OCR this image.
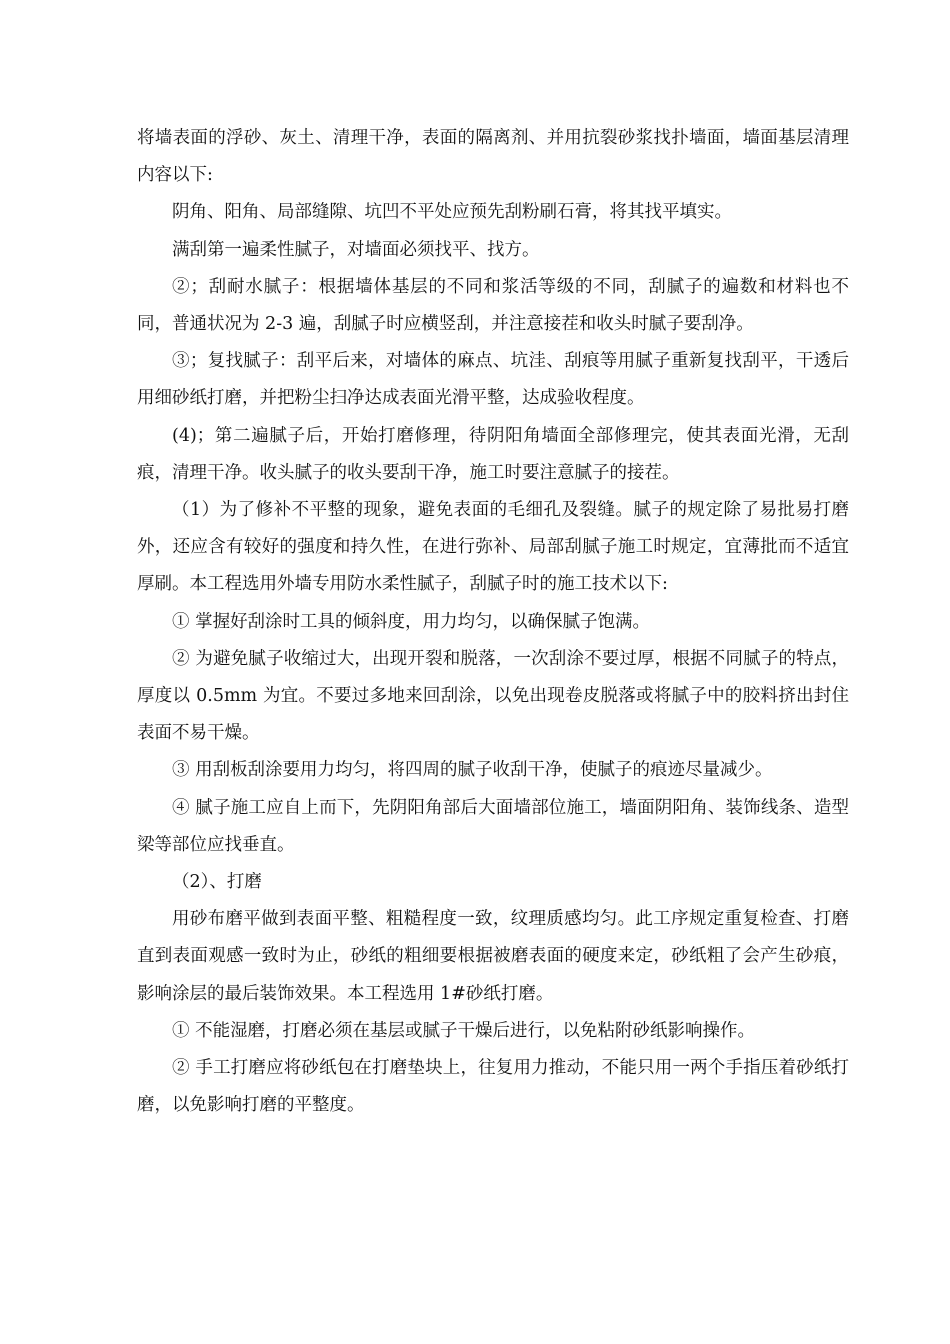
将墙表面的浮砂、灰土、清理干净，表面的隔离剂、并用抗裂砂浆找扑墙面，墙面基层清理内容以下:

阴角、阳角、局部缝隙、坑凹不平处应预先刮粉刷石膏，将其找平填实。

满刮第一遍柔性腻子，对墙面必须找平、找方。

②；刮耐水腻子：根据墙体基层的不同和浆活等级的不同，刮腻子的遍数和材料也不同，普通状况为 2-3 遍，刮腻子时应横竖刮，并注意接茬和收头时腻子要刮净。

③；复找腻子：刮平后来，对墙体的麻点、坑洼、刮痕等用腻子重新复找刮平，干透后用细砂纸打磨，并把粉尘扫净达成表面光滑平整，达成验收程度。

(4)；第二遍腻子后，开始打磨修理，待阴阳角墙面全部修理完，使其表面光滑，无刮痕，清理干净。收头腻子的收头要刮干净，施工时要注意腻子的接茬。

（1）为了修补不平整的现象，避免表面的毛细孔及裂缝。腻子的规定除了易批易打磨外，还应含有较好的强度和持久性，在进行弥补、局部刮腻子施工时规定，宜薄批而不适宜厚刷。本工程选用外墙专用防水柔性腻子，刮腻子时的施工技术以下:

① 掌握好刮涂时工具的倾斜度，用力均匀，以确保腻子饱满。

② 为避免腻子收缩过大，出现开裂和脱落，一次刮涂不要过厚，根据不同腻子的特点，厚度以 0.5mm 为宜。不要过多地来回刮涂，以免出现卷皮脱落或将腻子中的胶料挤出封住表面不易干燥。

③ 用刮板刮涂要用力均匀，将四周的腻子收刮干净，使腻子的痕迹尽量减少。

④ 腻子施工应自上而下，先阴阳角部后大面墙部位施工，墙面阴阳角、装饰线条、造型梁等部位应找垂直。

（2）、打磨

用砂布磨平做到表面平整、粗糙程度一致，纹理质感均匀。此工序规定重复检查、打磨直到表面观感一致时为止，砂纸的粗细要根据被磨表面的硬度来定，砂纸粗了会产生砂痕，影响涂层的最后装饰效果。本工程选用 1#砂纸打磨。

① 不能湿磨，打磨必须在基层或腻子干燥后进行，以免粘附砂纸影响操作。

② 手工打磨应将砂纸包在打磨垫块上，往复用力推动，不能只用一两个手指压着砂纸打磨，以免影响打磨的平整度。
